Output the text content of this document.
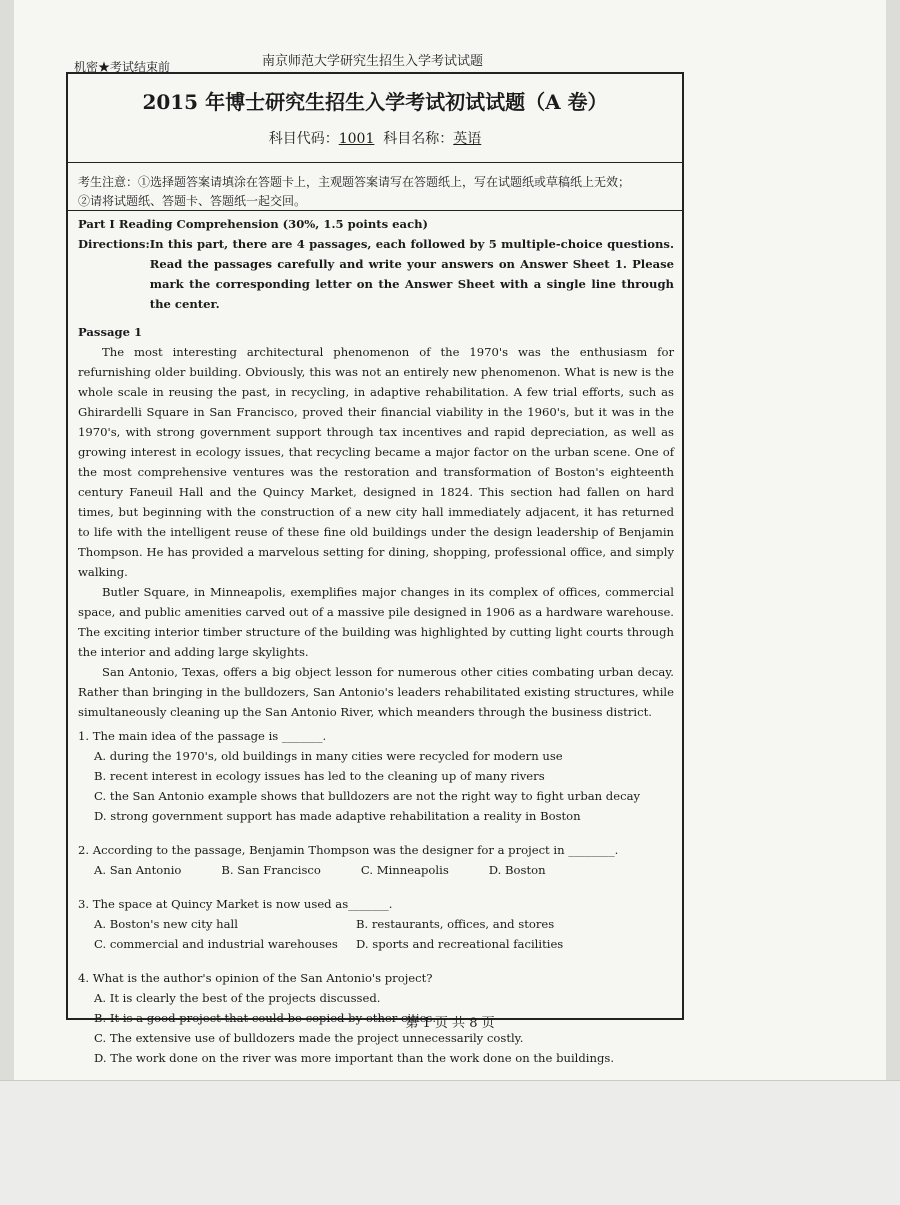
机密★考试结束前	南京师范大学研究生招生入学考试试题
2015 年博士研究生招生入学考试初试试题（A 卷）
科目代码：1001 科目名称：英语
考生注意：①选择题答案请填涂在答题卡上，主观题答案请写在答题纸上，写在试题纸或草稿纸上无效；
②请将试题纸、答题卡、答题纸一起交回。

Part I Reading Comprehension (30%, 1.5 points each)

Directions: In this part, there are 4 passages, each followed by 5 multiple-choice questions. Read the passages carefully and write your answers on Answer Sheet 1. Please mark the corresponding letter on the Answer Sheet with a single line through the center.

Passage 1

The most interesting architectural phenomenon of the 1970's was the enthusiasm for refurnishing older building. Obviously, this was not an entirely new phenomenon. What is new is the whole scale in reusing the past, in recycling, in adaptive rehabilitation. A few trial efforts, such as Ghirardelli Square in San Francisco, proved their financial viability in the 1960's, but it was in the 1970's, with strong government support through tax incentives and rapid depreciation, as well as growing interest in ecology issues, that recycling became a major factor on the urban scene. One of the most comprehensive ventures was the restoration and transformation of Boston's eighteenth century Faneuil Hall and the Quincy Market, designed in 1824. This section had fallen on hard times, but beginning with the construction of a new city hall immediately adjacent, it has returned to life with the intelligent reuse of these fine old buildings under the design leadership of Benjamin Thompson. He has provided a marvelous setting for dining, shopping, professional office, and simply walking.

Butler Square, in Minneapolis, exemplifies major changes in its complex of offices, commercial space, and public amenities carved out of a massive pile designed in 1906 as a hardware warehouse. The exciting interior timber structure of the building was highlighted by cutting light courts through the interior and adding large skylights.

San Antonio, Texas, offers a big object lesson for numerous other cities combating urban decay. Rather than bringing in the bulldozers, San Antonio's leaders rehabilitated existing structures, while simultaneously cleaning up the San Antonio River, which meanders through the business district.

1. The main idea of the passage is _______.

A. during the 1970's, old buildings in many cities were recycled for modern use

B. recent interest in ecology issues has led to the cleaning up of many rivers

C. the San Antonio example shows that bulldozers are not the right way to fight urban decay

D. strong government support has made adaptive rehabilitation a reality in Boston

2. According to the passage, Benjamin Thompson was the designer for a project in ________.

A. San Antonio	B. San Francisco	C. Minneapolis	D. Boston

3. The space at Quincy Market is now used as_______.

A. Boston's new city hall	B. restaurants, offices, and stores
C. commercial and industrial warehouses	D. sports and recreational facilities

4. What is the author's opinion of the San Antonio's project?

A. It is clearly the best of the projects discussed.

B. It is a good project that could be copied by other cities.

C. The extensive use of bulldozers made the project unnecessarily costly.

D. The work done on the river was more important than the work done on the buildings.

第 1 页 共 8 页
